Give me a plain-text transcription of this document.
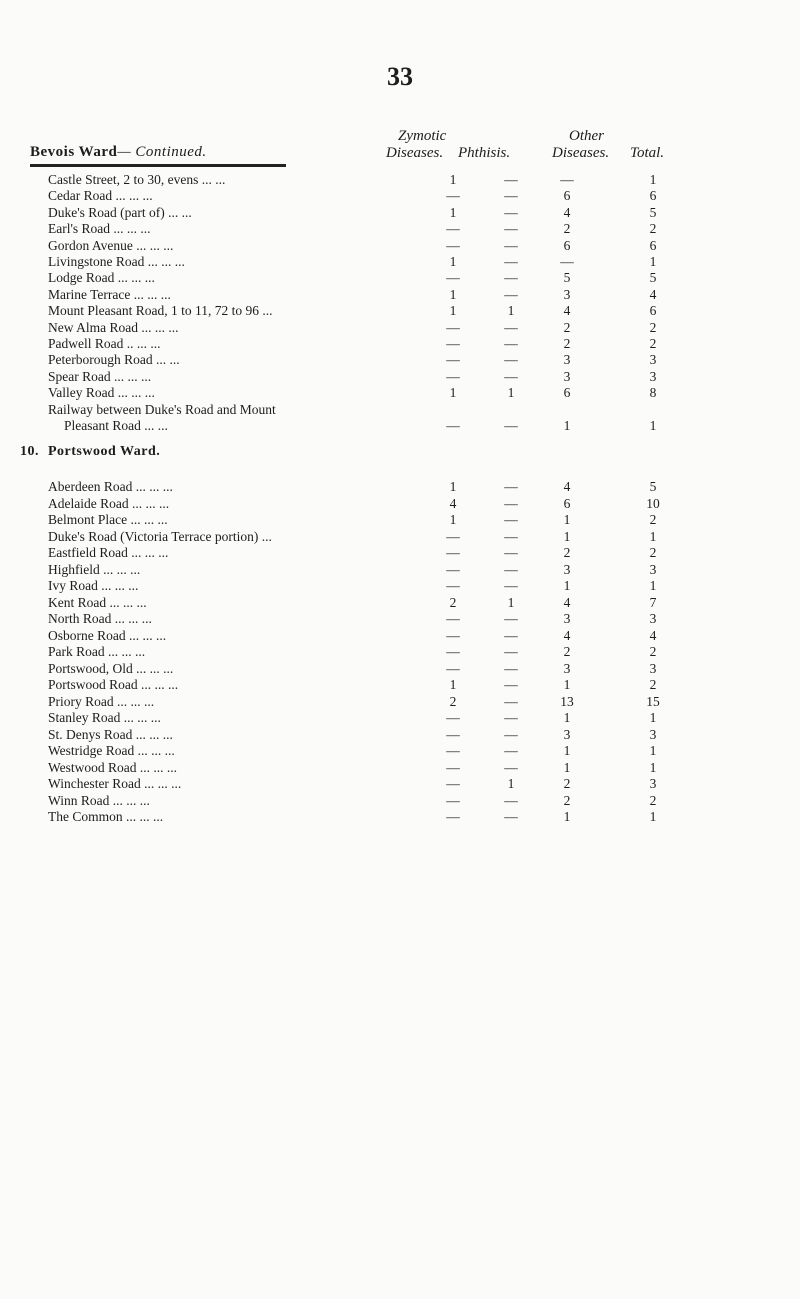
33
Zymotic
Diseases. Phthisis.
Other
Diseases. Total.
Bevois Ward— Continued.
Castle Street, 2 to 30, evens ... ...	1	—	—	1
Cedar Road ... ... ...	—	—	6	6
Duke's Road (part of) ... ...	1	—	4	5
Earl's Road ... ... ...	—	—	2	2
Gordon Avenue ... ... ...	—	—	6	6
Livingstone Road ... ... ...	1	—	—	1
Lodge Road ... ... ...	—	—	5	5
Marine Terrace ... ... ...	1	—	3	4
Mount Pleasant Road, 1 to 11, 72 to 96 ...	1	1	4	6
New Alma Road ... ... ...	—	—	2	2
Padwell Road .. ... ...	—	—	2	2
Peterborough Road ... ...	—	—	3	3
Spear Road ... ... ...	—	—	3	3
Valley Road ... ... ...	1	1	6	8
Railway between Duke's Road and Mount
Pleasant Road ... ...	—	—	1	1
10. Portswood Ward.
Aberdeen Road ... ... ...	1	—	4	5
Adelaide Road ... ... ...	4	—	6	10
Belmont Place ... ... ...	1	—	1	2
Duke's Road (Victoria Terrace portion) ...	—	—	1	1
Eastfield Road ... ... ...	—	—	2	2
Highfield ... ... ...	—	—	3	3
Ivy Road ... ... ...	—	—	1	1
Kent Road ... ... ...	2	1	4	7
North Road ... ... ...	—	—	3	3
Osborne Road ... ... ...	—	—	4	4
Park Road ... ... ...	—	—	2	2
Portswood, Old ... ... ...	—	—	3	3
Portswood Road ... ... ...	1	—	1	2
Priory Road ... ... ...	2	—	13	15
Stanley Road ... ... ...	—	—	1	1
St. Denys Road ... ... ...	—	—	3	3
Westridge Road ... ... ...	—	—	1	1
Westwood Road ... ... ...	—	—	1	1
Winchester Road ... ... ...	—	1	2	3
Winn Road ... ... ...	—	—	2	2
The Common ... ... ...	—	—	1	1
